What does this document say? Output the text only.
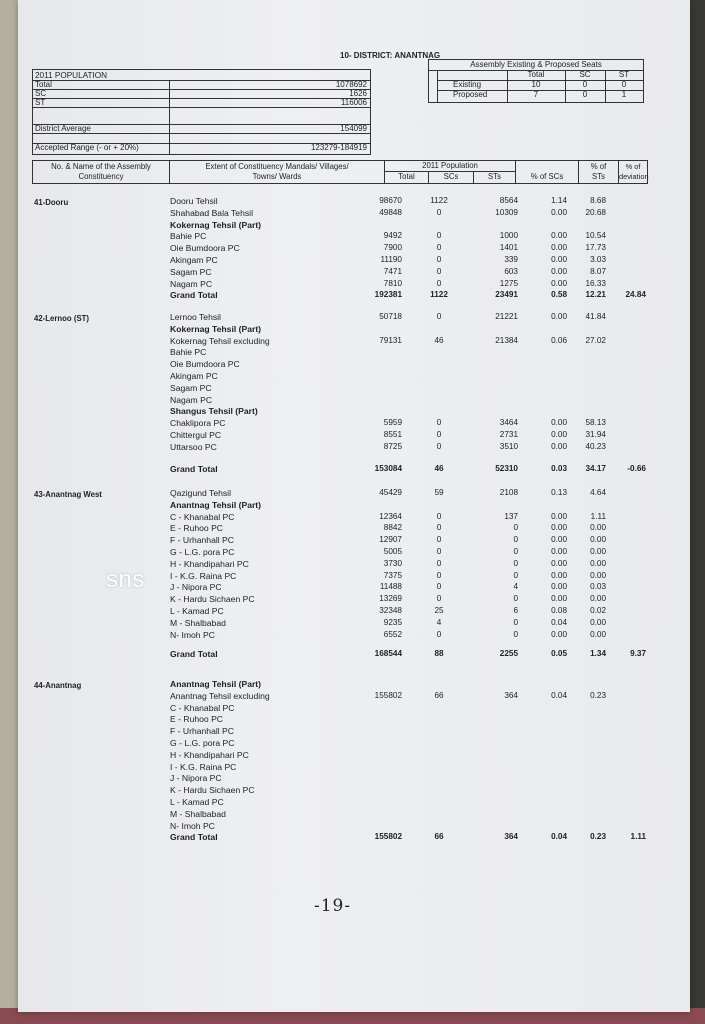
10- DISTRICT: ANANTNAG
Assembly Existing & Proposed Seats
Total	SC	ST
Existing	10	0	0
Proposed	7	0	1
2011 POPULATION
Total	1078692
SC	1626
ST	116006
District Average	154099
Accepted Range (- or + 20%)	123279-184919
No. & Name of the Assembly Constituency
Extent of Constituency Mandals/ Villages/ Towns/ Wards
2011 Population
Total	SCs	STs	% of SCs
% of STs
% of deviation
41-Dooru	Dooru Tehsil	98670	1122	8564	1.14	8.68
Shahabad Bala Tehsil	49848	0	10309	0.00	20.68
Kokernag Tehsil (Part)
Bahie PC	9492	0	1000	0.00	10.54
Oie Bumdoora PC	7900	0	1401	0.00	17.73
Akingam PC	11190	0	339	0.00	3.03
Sagam PC	7471	0	603	0.00	8.07
Nagam PC	7810	0	1275	0.00	16.33
Grand Total	192381	1122	23491	0.58	12.21	24.84
42-Lernoo (ST)	Lernoo Tehsil	50718	0	21221	0.00	41.84
Kokernag Tehsil (Part)
Kokernag Tehsil excluding	79131	46	21384	0.06	27.02
Bahie PC
Oie Bumdoora PC
Akingam PC
Sagam PC
Nagam PC
Shangus Tehsil (Part)
Chaklipora PC	5959	0	3464	0.00	58.13
Chittergul PC	8551	0	2731	0.00	31.94
Uttarsoo PC	8725	0	3510	0.00	40.23
Grand Total	153084	46	52310	0.03	34.17	-0.66
43-Anantnag West	Qazigund Tehsil	45429	59	2108	0.13	4.64
Anantnag Tehsil (Part)
C - Khanabal PC	12364	0	137	0.00	1.11
E - Ruhoo PC	8842	0	0	0.00	0.00
F - Urhanhall PC	12907	0	0	0.00	0.00
G - L.G. pora PC	5005	0	0	0.00	0.00
H - Khandipahari PC	3730	0	0	0.00	0.00
I - K.G. Raina PC	7375	0	0	0.00	0.00
J - Nipora PC	11488	0	4	0.00	0.03
K - Hardu Sichaen PC	13269	0	0	0.00	0.00
L - Kamad PC	32348	25	6	0.08	0.02
M - Shalbabad	9235	4	0	0.04	0.00
N- Imoh PC	6552	0	0	0.00	0.00
Grand Total	168544	88	2255	0.05	1.34	9.37
44-Anantnag	Anantnag Tehsil (Part)
Anantnag Tehsil excluding	155802	66	364	0.04	0.23
C - Khanabal PC
E - Ruhoo PC
F - Urhanhall PC
G - L.G. pora PC
H - Khandipahari PC
I - K.G. Raina PC
J - Nipora PC
K - Hardu Sichaen PC
L - Kamad PC
M - Shalbabad
N- Imoh PC
Grand Total	155802	66	364	0.04	0.23	1.11
sns
-19-
